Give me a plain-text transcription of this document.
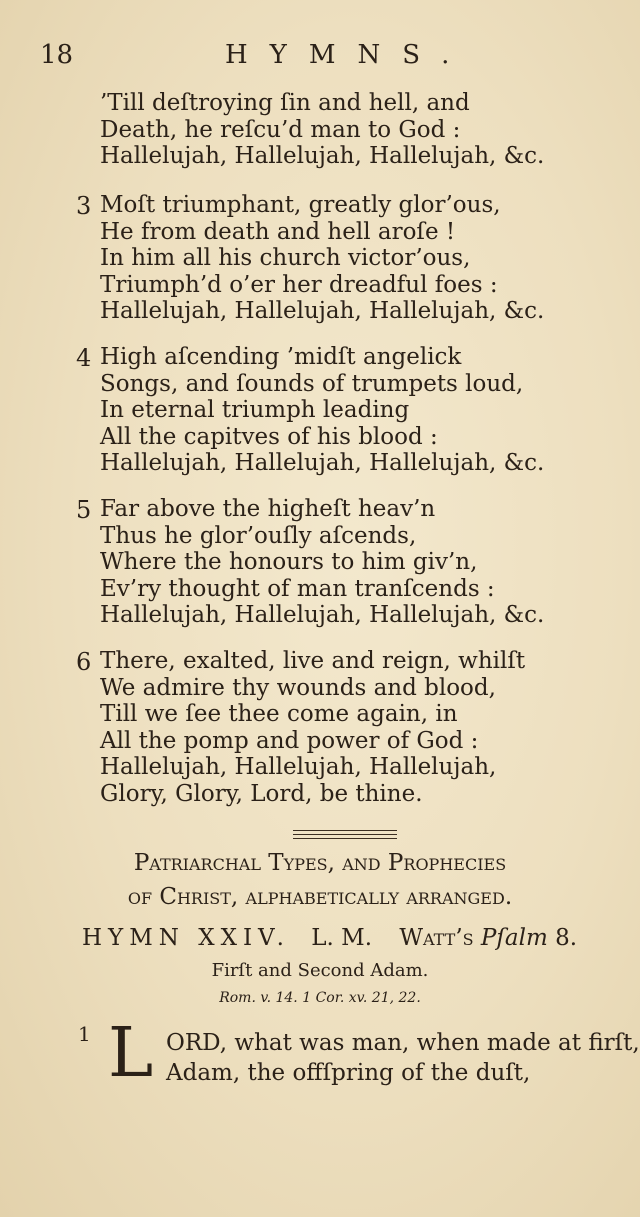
18	HYMNS.
’Till deſtroying ſin and hell, and
Death, he reſcu’d man to God :
Hallelujah, Hallelujah, Hallelujah, &c.
3 Moſt triumphant, greatly glor’ous,
He from death and hell aroſe !
In him all his church victor’ous,
Triumph’d o’er her dreadful foes :
Hallelujah, Hallelujah, Hallelujah, &c.
4 High aſcending ’midſt angelick
Songs, and ſounds of trumpets loud,
In eternal triumph leading
All the capitves of his blood :
Hallelujah, Hallelujah, Hallelujah, &c.
5 Far above the higheſt heav’n
Thus he glor’ouſly aſcends,
Where the honours to him giv’n,
Ev’ry thought of man tranſcends :
Hallelujah, Hallelujah, Hallelujah, &c.
6 There, exalted, live and reign, whilſt
We admire thy wounds and blood,
Till we ſee thee come again, in
All the pomp and power of God :
Hallelujah, Hallelujah, Hallelujah,
Glory, Glory, Lord, be thine.
Patriarchal Types, and Prophecies
of Christ, alphabetically arranged.
HYMN XXIV. L. M. Watt’s Pſalm 8.
Firſt and Second Adam.
Rom. v. 14. 1 Cor. xv. 21, 22.
1 L ORD, what was man, when made at firſt,
Adam, the offſpring of the duſt,
